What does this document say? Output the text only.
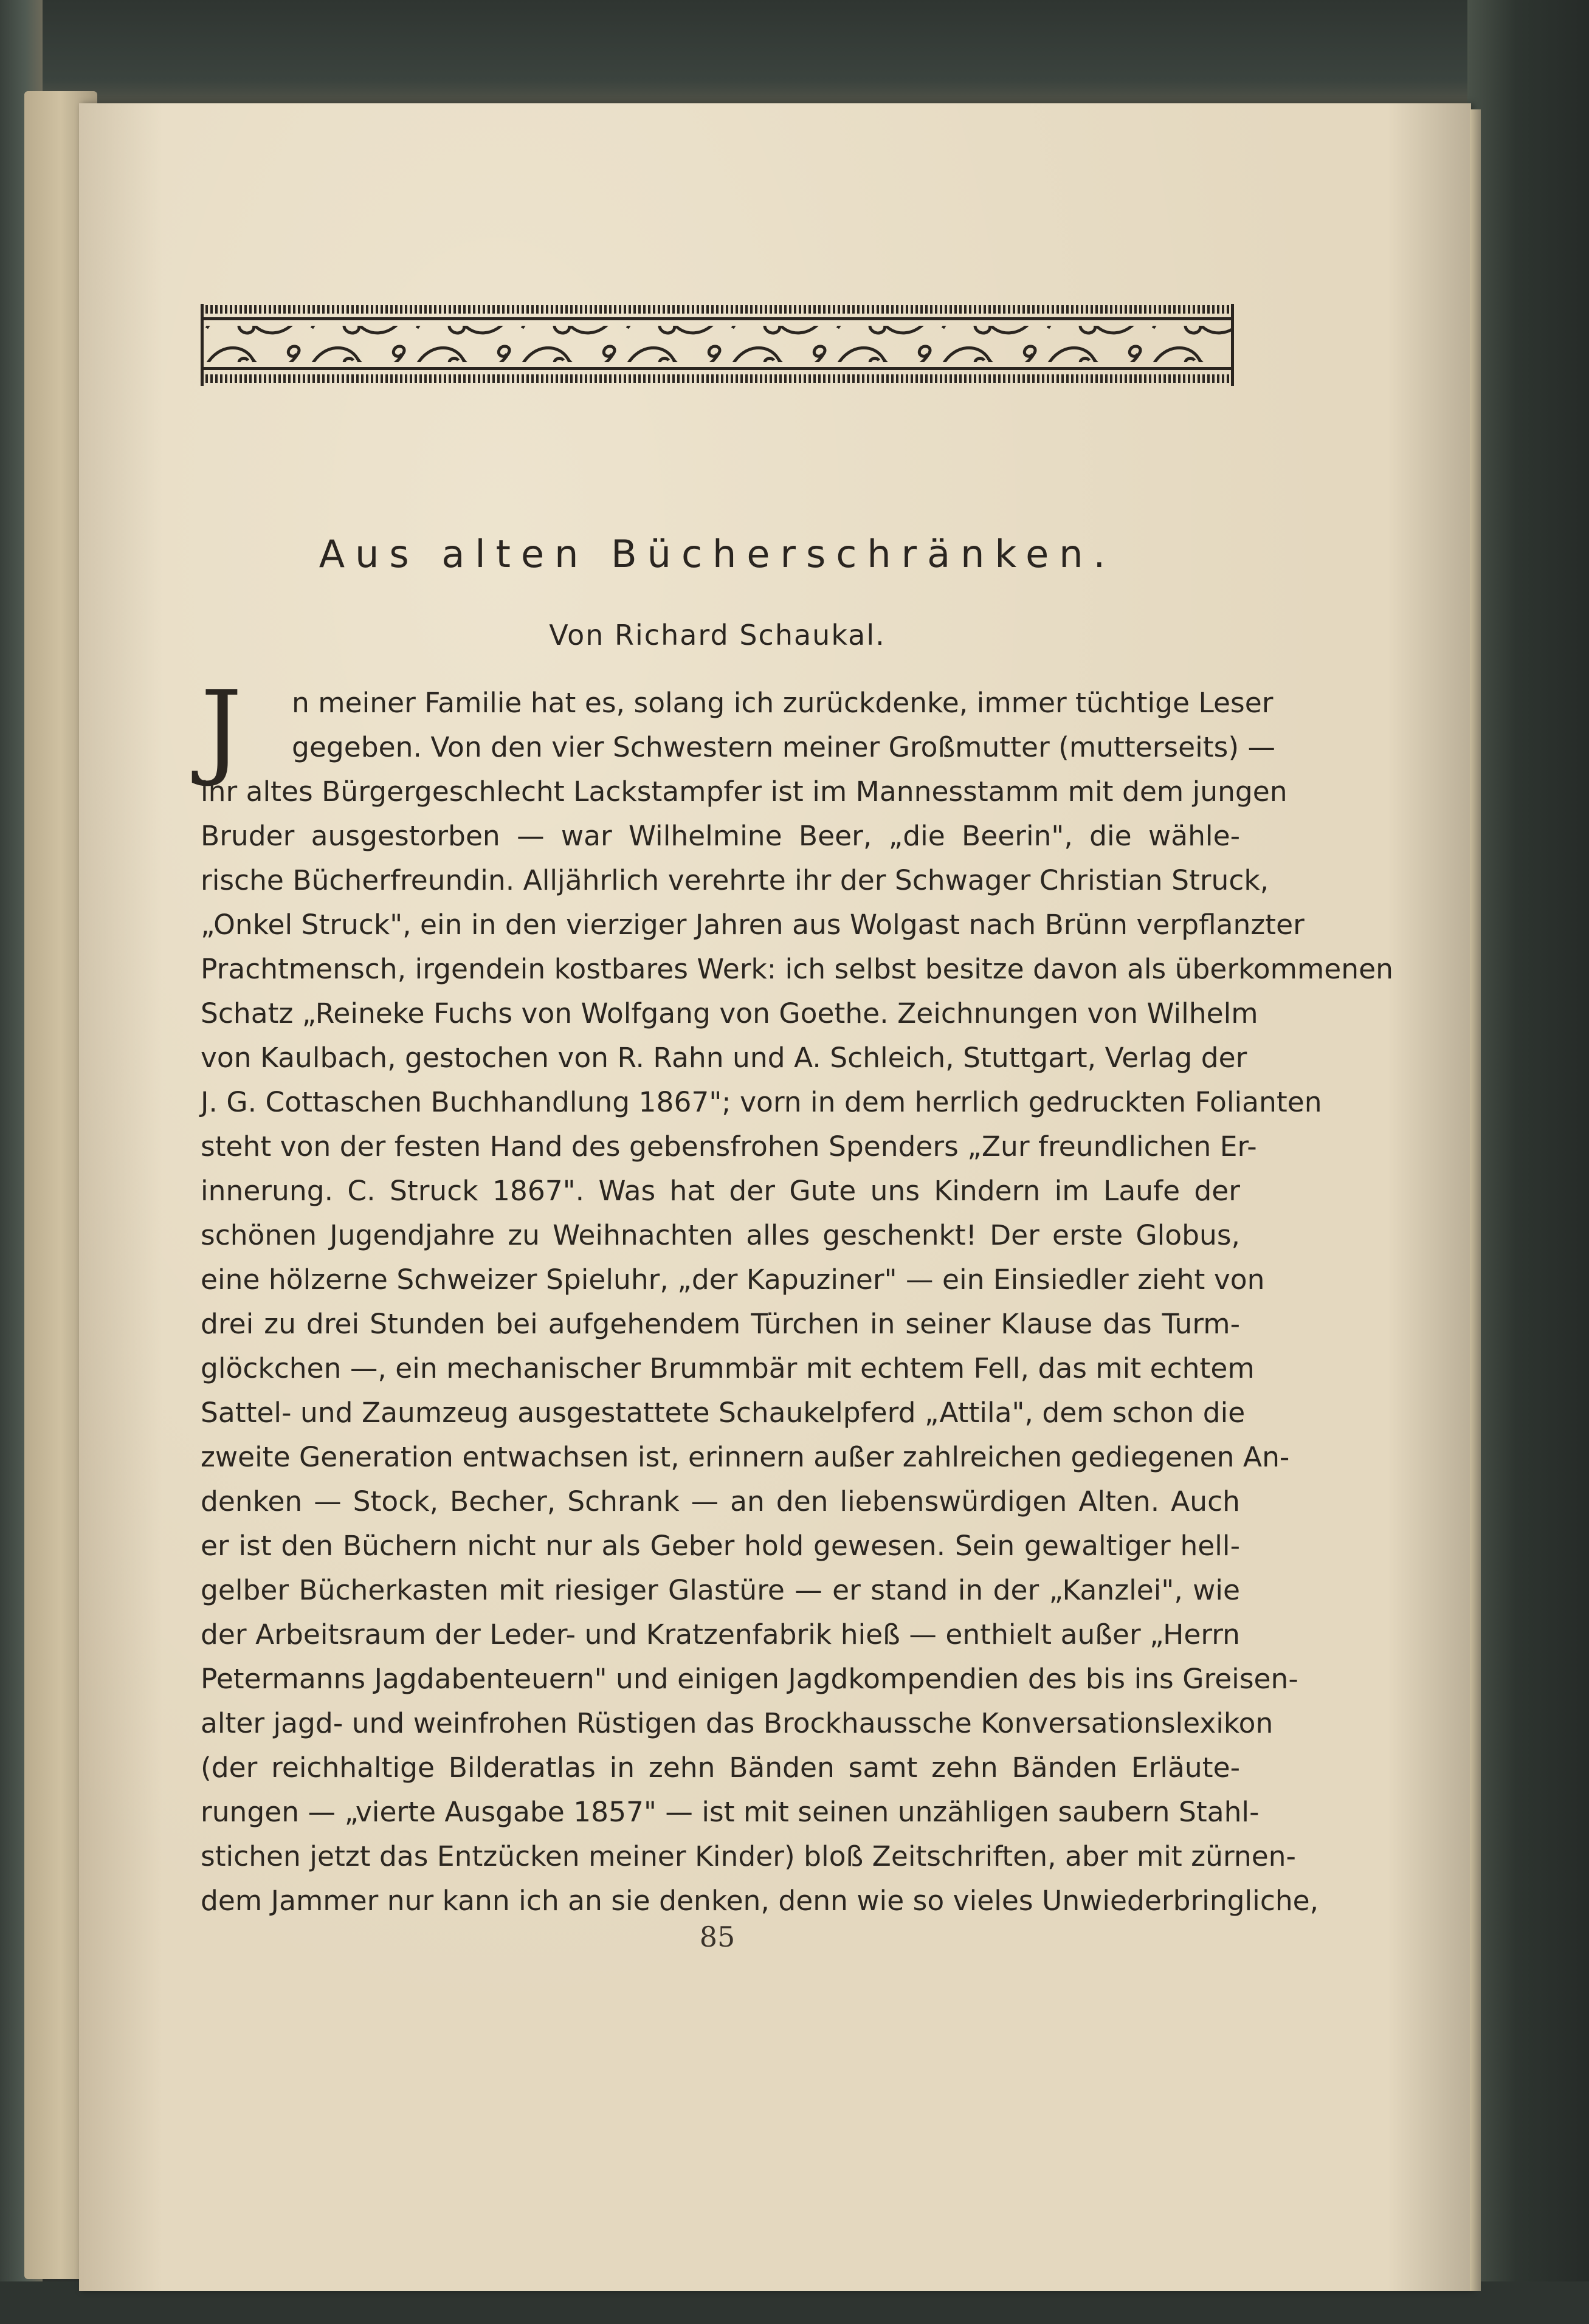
Aus alten Bücherschränken.
Von Richard Schaukal.
J	n meiner Familie hat es, solang ich zurückdenke, immer tüchtige Leser
gegeben. Von den vier Schwestern meiner Großmutter (mutterseits) —
ihr altes Bürgergeschlecht Lackstampfer ist im Mannesstamm mit dem jungen
Bruder ausgestorben — war Wilhelmine Beer, „die Beerin", die wähle-
rische Bücherfreundin. Alljährlich verehrte ihr der Schwager Christian Struck,
„Onkel Struck", ein in den vierziger Jahren aus Wolgast nach Brünn verpflanzter
Prachtmensch, irgendein kostbares Werk: ich selbst besitze davon als überkommenen
Schatz „Reineke Fuchs von Wolfgang von Goethe. Zeichnungen von Wilhelm
von Kaulbach, gestochen von R. Rahn und A. Schleich, Stuttgart, Verlag der
J. G. Cottaschen Buchhandlung 1867"; vorn in dem herrlich gedruckten Folianten
steht von der festen Hand des gebensfrohen Spenders „Zur freundlichen Er-
innerung. C. Struck 1867". Was hat der Gute uns Kindern im Laufe der
schönen Jugendjahre zu Weihnachten alles geschenkt! Der erste Globus,
eine hölzerne Schweizer Spieluhr, „der Kapuziner" — ein Einsiedler zieht von
drei zu drei Stunden bei aufgehendem Türchen in seiner Klause das Turm-
glöckchen —, ein mechanischer Brummbär mit echtem Fell, das mit echtem
Sattel- und Zaumzeug ausgestattete Schaukelpferd „Attila", dem schon die
zweite Generation entwachsen ist, erinnern außer zahlreichen gediegenen An-
denken — Stock, Becher, Schrank — an den liebenswürdigen Alten. Auch
er ist den Büchern nicht nur als Geber hold gewesen. Sein gewaltiger hell-
gelber Bücherkasten mit riesiger Glastüre — er stand in der „Kanzlei", wie
der Arbeitsraum der Leder- und Kratzenfabrik hieß — enthielt außer „Herrn
Petermanns Jagdabenteuern" und einigen Jagdkompendien des bis ins Greisen-
alter jagd- und weinfrohen Rüstigen das Brockhaussche Konversationslexikon
(der reichhaltige Bilderatlas in zehn Bänden samt zehn Bänden Erläute-
rungen — „vierte Ausgabe 1857" — ist mit seinen unzähligen saubern Stahl-
stichen jetzt das Entzücken meiner Kinder) bloß Zeitschriften, aber mit zürnen-
dem Jammer nur kann ich an sie denken, denn wie so vieles Unwiederbringliche,
85
